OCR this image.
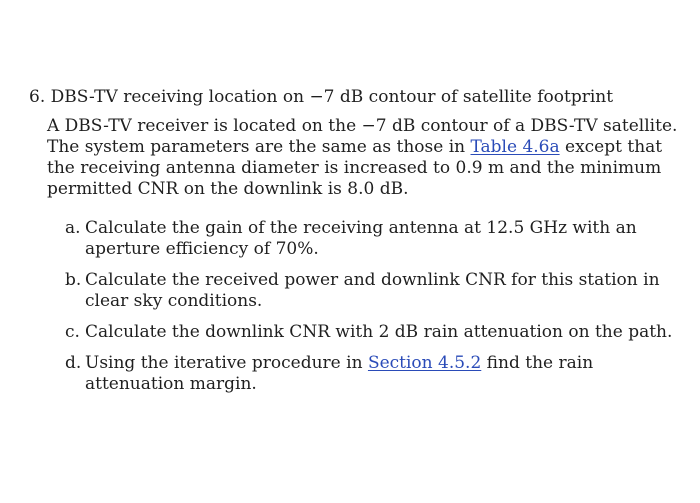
6. DBS-TV receiving location on −7 dB contour of satellite footprint

A DBS-TV receiver is located on the −7 dB contour of a DBS-TV satellite. The system parameters are the same as those in Table 4.6a except that the receiving antenna diameter is increased to 0.9 m and the minimum permitted CNR on the downlink is 8.0 dB.

a. Calculate the gain of the receiving antenna at 12.5 GHz with an aperture efficiency of 70%.
b. Calculate the received power and downlink CNR for this station in clear sky conditions.
c. Calculate the downlink CNR with 2 dB rain attenuation on the path.
d. Using the iterative procedure in Section 4.5.2 find the rain attenuation margin.
